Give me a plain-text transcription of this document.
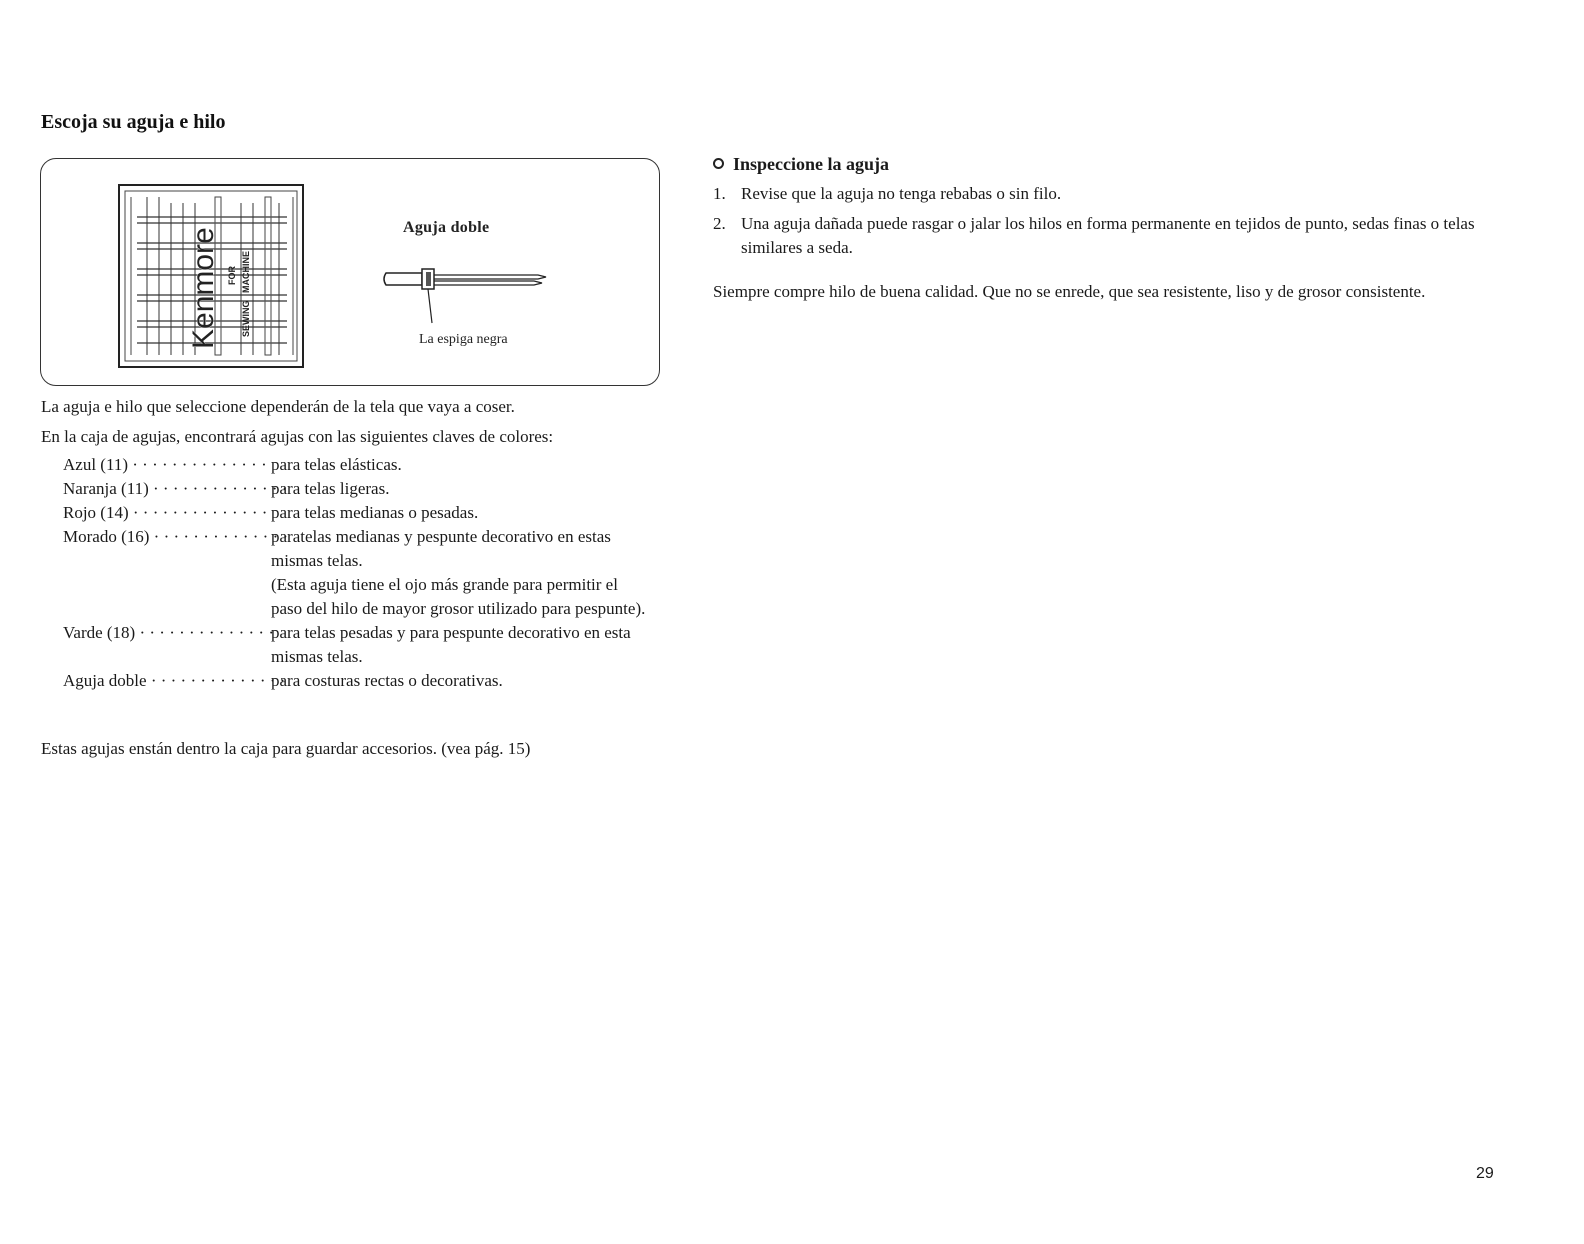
Escoja su aguja e hilo
Kenmore FOR MACHINE
SEWING
Aguja doble
La espiga negra

La aguja e hilo que seleccione dependerán de la tela que vaya a coser.

En la caja de agujas, encontrará agujas con las siguientes claves de colores:

Azul (11) · · · · · · · · · · · · · · para telas elásticas.
Naranja (11) · · · · · · · · · · · · · ·
para telas ligeras.
Rojo (14) · · · · · · · · · · · · · · para telas medianas o pesadas.
Morado (16) · · · · · · · · · · · · · ·
paratelas medianas y pespunte decorativo en estas mismas telas.
(Esta aguja tiene el ojo más grande para permitir el paso del hilo de mayor grosor utilizado para pespunte).
Varde (18) · · · · · · · · · · · · · ·
para telas pesadas y para pespunte decorativo en esta mismas telas.
Aguja doble · · · · · · · · · · · · · ·
para costuras rectas o decorativas.
Estas agujas enstán dentro la caja para guardar accesorios. (vea pág. 15)
Inspeccione la aguja
1. Revise que la aguja no tenga rebabas o sin filo.
2. Una aguja dañada puede rasgar o jalar los hilos en forma permanente en tejidos de punto, sedas finas o telas similares a seda.

Siempre compre hilo de buena calidad. Que no se enrede, que sea resistente, liso y de grosor consistente.

29
